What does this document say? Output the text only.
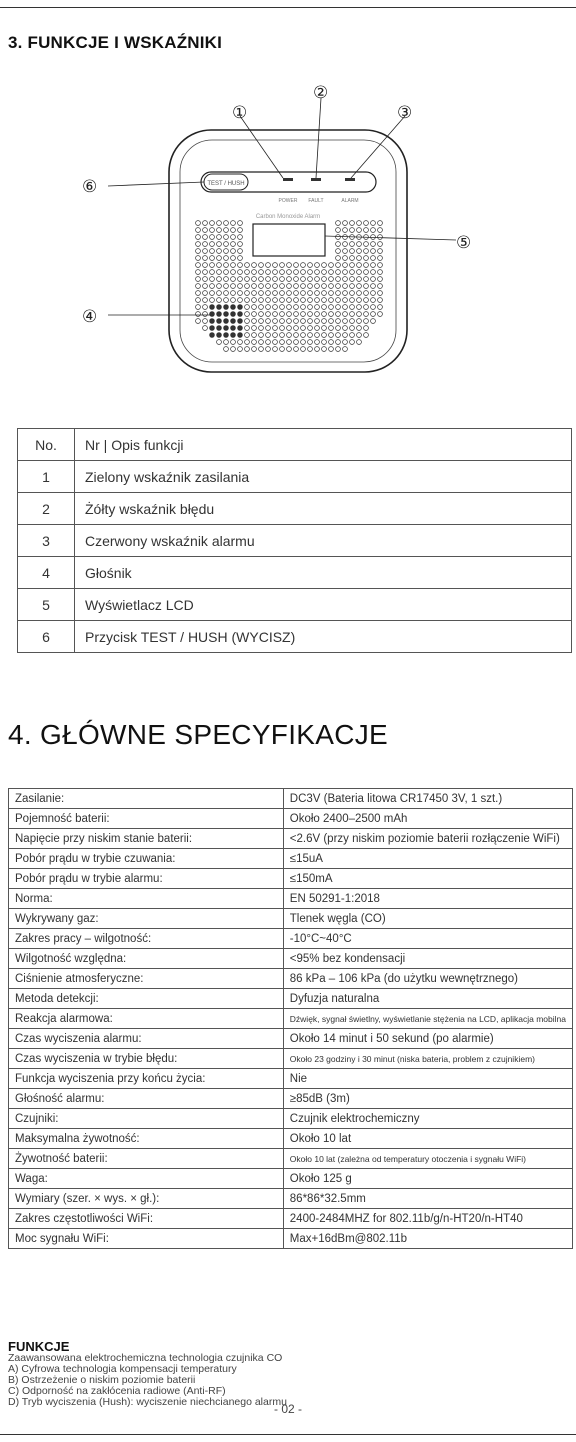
3. FUNKCJE I WSKAŹNIKI
TEST / HUSH
POWER FAULT	ALARM
Carbon Monoxide Alarm
①
②
③
④
⑤
⑥
No.	Nr | Opis funkcji
1	Zielony wskaźnik zasilania
2	Żółty wskaźnik błędu
3	Czerwony wskaźnik alarmu
4	Głośnik
5	Wyświetlacz LCD
6	Przycisk TEST / HUSH (WYCISZ)
4. GŁÓWNE SPECYFIKACJE
Zasilanie:	DC3V (Bateria litowa CR17450 3V, 1 szt.)
Pojemność baterii:	Około 2400–2500 mAh
Napięcie przy niskim stanie baterii:	<2.6V (przy niskim poziomie baterii rozłączenie WiFi)
Pobór prądu w trybie czuwania:	≤15uA
Pobór prądu w trybie alarmu:	≤150mA
Norma:	EN 50291-1:2018
Wykrywany gaz:	Tlenek węgla (CO)
Zakres pracy – wilgotność:	-10°C~40°C
Wilgotność względna:	<95% bez kondensacji
Ciśnienie atmosferyczne:	86 kPa – 106 kPa (do użytku wewnętrznego)
Metoda detekcji:	Dyfuzja naturalna
Reakcja alarmowa:	Dźwięk, sygnał świetlny, wyświetlanie stężenia na LCD, aplikacja mobilna
Czas wyciszenia alarmu:	Około 14 minut i 50 sekund (po alarmie)
Czas wyciszenia w trybie błędu:	Około 23 godziny i 30 minut (niska bateria, problem z czujnikiem)
Funkcja wyciszenia przy końcu życia:	Nie
Głośność alarmu:	≥85dB (3m)
Czujniki:	Czujnik elektrochemiczny
Maksymalna żywotność:	Około 10 lat
Żywotność baterii:	Około 10 lat (zależna od temperatury otoczenia i sygnału WiFi)
Waga:	Około 125 g
Wymiary (szer. × wys. × gł.):	86*86*32.5mm
Zakres częstotliwości WiFi:	2400-2484MHZ for 802.11b/g/n-HT20/n-HT40
Moc sygnału WiFi:	Max+16dBm@802.11b
FUNKCJE
Zaawansowana elektrochemiczna technologia czujnika CO
A) Cyfrowa technologia kompensacji temperatury
B) Ostrzeżenie o niskim poziomie baterii
C) Odporność na zakłócenia radiowe (Anti-RF)
D) Tryb wyciszenia (Hush): wyciszenie niechcianego alarmu
- 02 -
